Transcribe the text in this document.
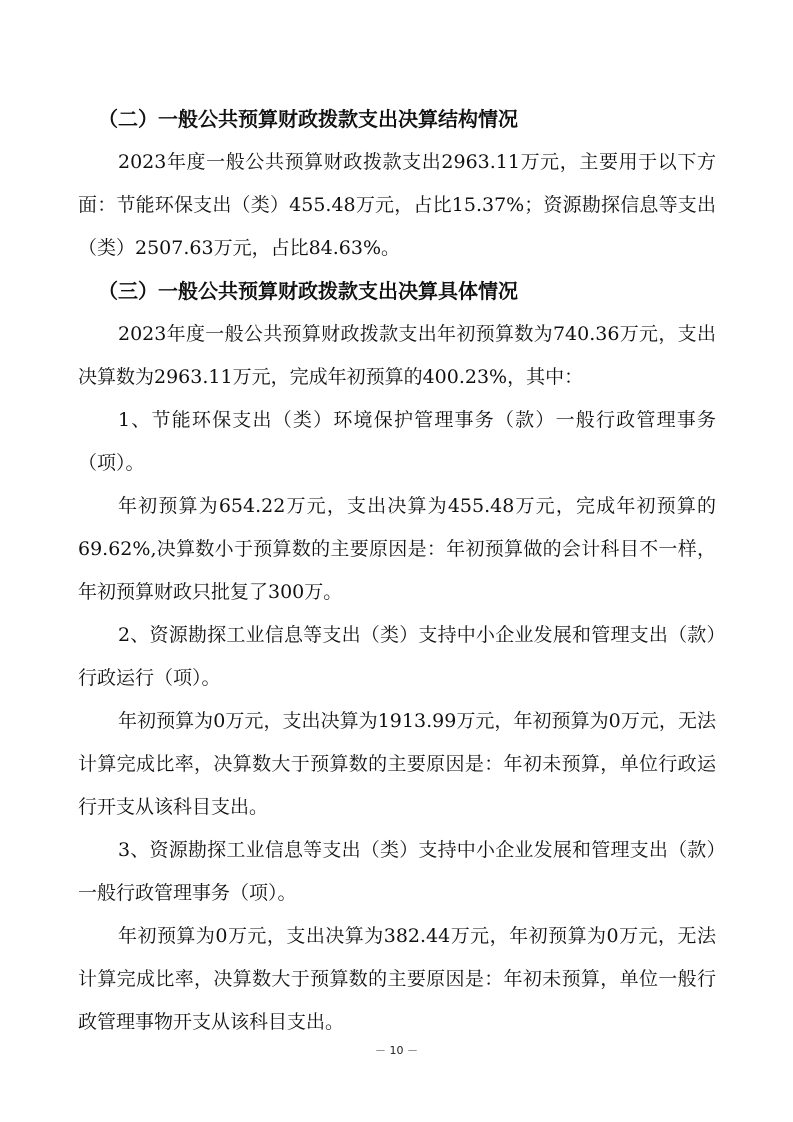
（二）一般公共预算财政拨款支出决算结构情况

2023年度一般公共预算财政拨款支出2963.11万元，主要用于以下方面：节能环保支出（类）455.48万元，占比15.37%；资源勘探信息等支出（类）2507.63万元，占比84.63%。

（三）一般公共预算财政拨款支出决算具体情况

2023年度一般公共预算财政拨款支出年初预算数为740.36万元，支出决算数为2963.11万元，完成年初预算的400.23%，其中：

1、节能环保支出（类）环境保护管理事务（款）一般行政管理事务（项）。

年初预算为654.22万元，支出决算为455.48万元，完成年初预算的69.62%,决算数小于预算数的主要原因是：年初预算做的会计科目不一样，年初预算财政只批复了300万。

2、资源勘探工业信息等支出（类）支持中小企业发展和管理支出（款）行政运行（项）。

年初预算为0万元，支出决算为1913.99万元，年初预算为0万元，无法计算完成比率，决算数大于预算数的主要原因是：年初未预算，单位行政运行开支从该科目支出。

3、资源勘探工业信息等支出（类）支持中小企业发展和管理支出（款）一般行政管理事务（项）。

年初预算为0万元，支出决算为382.44万元，年初预算为0万元，无法计算完成比率，决算数大于预算数的主要原因是：年初未预算，单位一般行政管理事物开支从该科目支出。

－ 10 －
